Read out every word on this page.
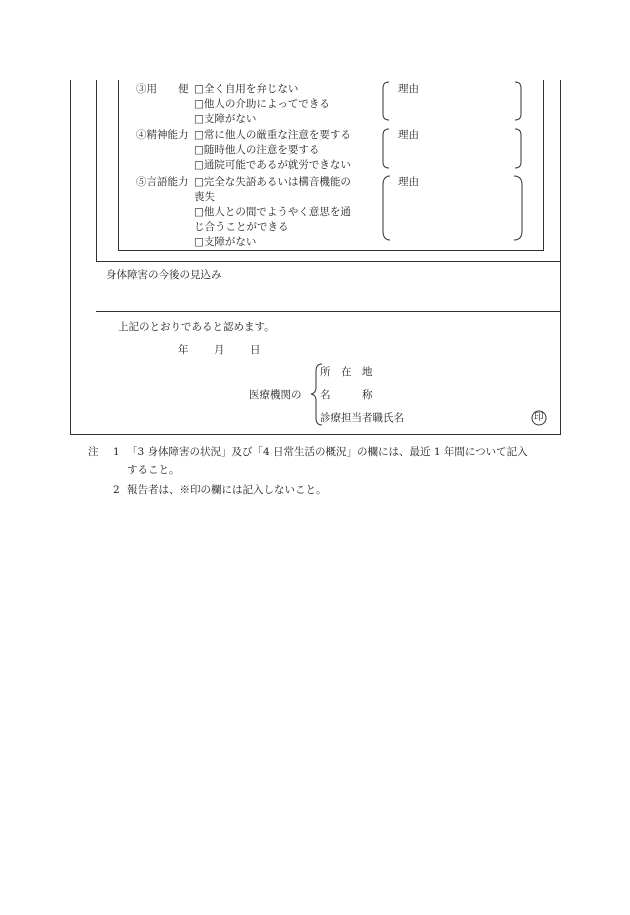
③用　　便 □全く自用を弁じない
□他人の介助によってできる
□支障がない
理由
④精神能力 □常に他人の厳重な注意を要する
□随時他人の注意を要する
□通院可能であるが就労できない
理由
⑤言語能力 □完全な失語あるいは構音機能の
喪失
□他人との間でようやく意思を通
じ合うことができる
□支障がない
理由
身体障害の今後の見込み
上記のとおりであると認めます。
年 月 日
医療機関の
所　在　地
名　　　称
診療担当者職氏名	印
注 1 「3 身体障害の状況」及び「4 日常生活の概況」の欄には、最近 1 年間について記入
すること。
2 報告者は、※印の欄には記入しないこと。
